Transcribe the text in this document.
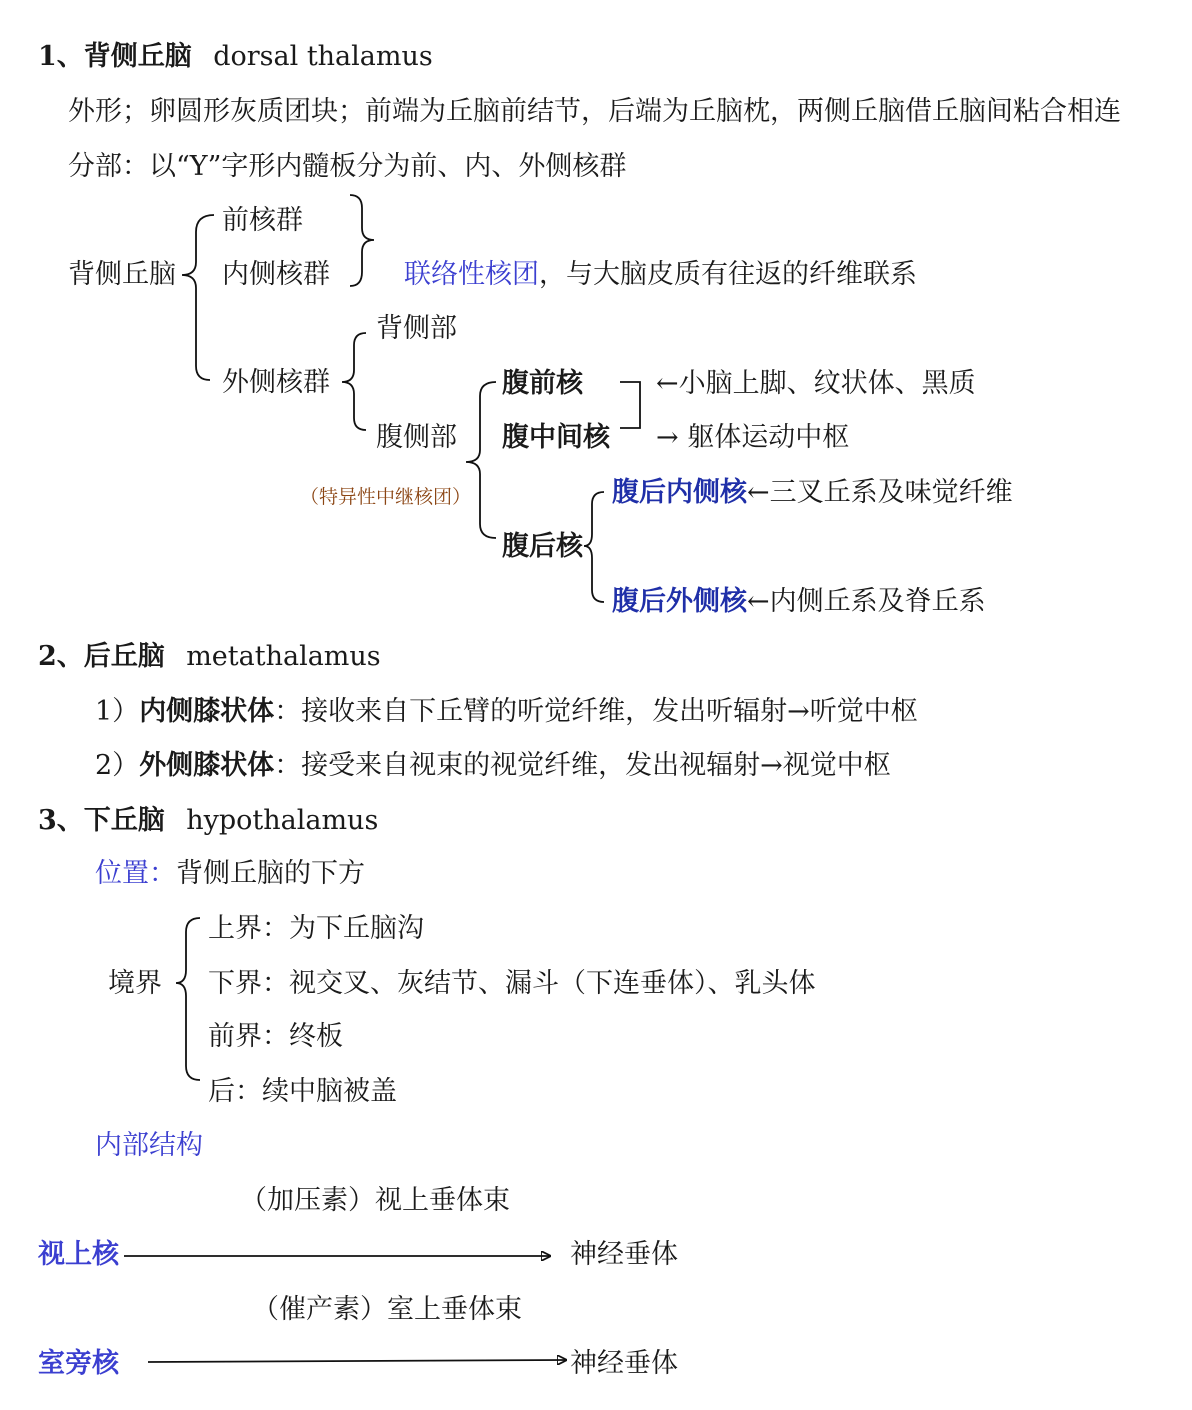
1、背侧丘脑 dorsal thalamus
外形；卵圆形灰质团块；前端为丘脑前结节，后端为丘脑枕，两侧丘脑借丘脑间粘合相连
分部：以“Y”字形内髓板分为前、内、外侧核群
背侧丘脑
前核群
内侧核群	联络性核团，与大脑皮质有往返的纤维联系
外侧核群
背侧部
腹侧部
（特异性中继核团）
腹前核
腹中间核
←小脑上脚、纹状体、黑质
→ 躯体运动中枢
腹后核
腹后内侧核←三叉丘系及味觉纤维
腹后外侧核←内侧丘系及脊丘系
2、后丘脑 metathalamus
1）内侧膝状体：接收来自下丘臂的听觉纤维，发出听辐射→听觉中枢
2）外侧膝状体：接受来自视束的视觉纤维，发出视辐射→视觉中枢
3、下丘脑 hypothalamus
位置：背侧丘脑的下方
境界
上界：为下丘脑沟
下界：视交叉、灰结节、漏斗（下连垂体）、乳头体
前界：终板
后：续中脑被盖
内部结构
（加压素）视上垂体束
视上核	神经垂体
（催产素）室上垂体束
室旁核	神经垂体
